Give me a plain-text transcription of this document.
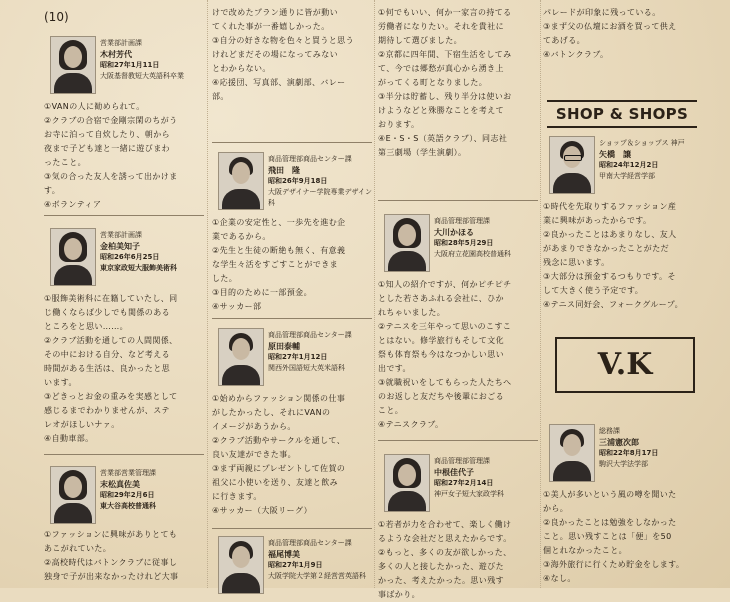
(10)
営業部計画課
木村芳代
昭和27年1月11日
大阪基督教短大英語科卒業

①VANの人に勧められて。

②クラブの合宿で金剛宗閑のちがう

お寺に泊って自炊したり、朝から

夜まで子ども達と一緒に遊びまわ

ったこと。

③気の合った友人を誘って出かけま

す。

④ボランティア

営業部計画課
金柏美知子
昭和26年6月25日
東京家政短大服飾美術科

①服飾美術科に在籍していたし、同

じ働くならば少しでも関係のある

ところをと思い……。

②クラブ活動を通しての人間関係、

その中における自分、など考える

時間がある生活は、良かったと思

います。

③どきっとお金の重みを実感として

感じるまでわかりませんが、ステ

レオがほしいナァ。

④自動車部。

営業部営業管理課
末松真佐美
昭和29年2月6日
東大谷高校普通科

①ファッションに興味がありとても

あこがれていた。

②高校時代はバトンクラブに従事し

独身で子が出来なかったけれど大事

けで改めたプラン通りに皆が動い

てくれた事が一番嬉しかった。

③自分の好きな物を色々と買うと思う

けれどまだその場になってみない

とわからない。

④応援団、写真部、演劇部、バレー

部。

商品管理部商品センター課
飛田　隆
昭和26年9月18日
大阪デザイナー学院専業デザイン科

①企業の安定性と、一歩先を進む企

業であるから。

②先生と生徒の断絶も無く、有意義

な学生々活をすごすことができま

した。

③目的のために一部預金。

④サッカー部

商品管理部商品センター課
原田泰輔
昭和27年1月12日
関西外国語短大英米語科

①始めからファッション関係の仕事

がしたかったし、それにVANの

イメージがあうから。

②クラブ活動やサークルを通して、

良い友達ができた事。

③まず両親にプレゼントして佐賀の

祖父に小使いを送り、友達と飲み

に行きます。

④サッカー（大阪リーグ）

商品管理部商品センター課
福尾博美
昭和27年1月9日
大阪学院大学第２経営営英語科

①何でもいい、何か一家言の持てる

労働者になりたい。それを貴社に

期待して選びました。

②京都に四年間、下宿生活をしてみ

て、今では郷愁が真心から湧き上

がってくる町となりました。

③半分は貯蓄し、残り半分は使いお

けようなどと殊勝なことを考えて

おります。

④E・S・S（英語クラブ）、同志社

第三劇場（学生演劇）。

商品管理部管理課
大川かほる
昭和28年5月29日
大阪府立花園高校普通科

①知人の紹介ですが、何かピチピチ

とした若さあふれる会社に、ひか

れちゃいました。

②テニスを三年やって思いのこすこ

とはない。修学旅行もそして文化

祭も体育祭も今はなつかしい思い

出です。

③就職祝いをしてもらった人たちへ

のお返しと友だちや後輩におごる

こと。

④テニスクラブ。

商品管理部管理課
中根佳代子
昭和27年2月14日
神戸女子短大家政学科

①若者が力を合わせて、楽しく働け

るような会社だと思えたからです。

②もっと、多くの友が欲しかった、

多くの人と接したかった、遊びた

かった、考えたかった。思い残す

事ばかり。

パレードが印象に残っている。

③まず父の仏壇にお酒を買って供え

てあげる。

④バトンクラブ。

ショップ＆ショップス 神戸
矢橋　譲
昭和24年12月2日
甲南大学経営学部

①時代を先取りするファッション産

業に興味があったからです。

②良かったことはあまりなし、友人

があまりできなかったことがただ

残念に思います。

③大部分は預金するつもりです。そ

して大きく使う予定です。

④テニス同好会、フォークグループ。

総務課
三浦憲次郎
昭和22年8月17日
駒沢大学法学部

①美人が多いという風の噂を聞いた

から。

②良かったことは勉強をしなかった

こと。思い残すことは「便」を50

個とれなかったこと。

③海外旅行に行くため貯金をします。

④なし。

SHOP & SHOPS
V.K
